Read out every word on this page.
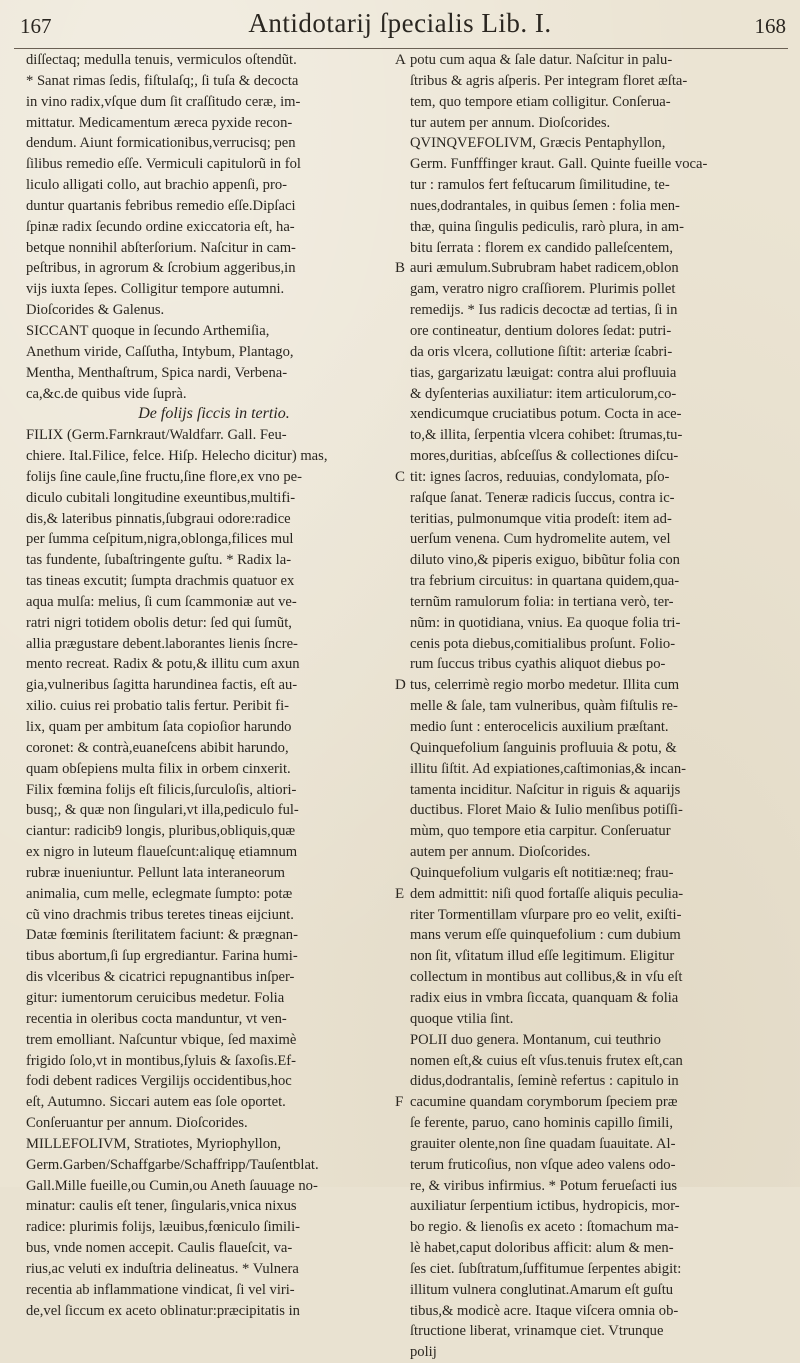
167	Antidotarij ſpecialis Lib. I.	168
diſſectaq; medulla tenuis, vermiculos oſtendũt.
* Sanat rimas ſedis, fiſtulaſq;, ſi tuſa & decocta
in vino radix,vſque dum ſit craſſitudo ceræ, im-
mittatur. Medicamentum æreca pyxide recon-
dendum. Aiunt formicationibus,verrucisq; pen
ſilibus remedio eſſe. Vermiculi capitulorũ in fol
liculo alligati collo, aut brachio appenſi, pro-
duntur quartanis febribus remedio eſſe.Dipſaci
ſpinæ radix ſecundo ordine exiccatoria eſt, ha-
betque nonnihil abſterſorium. Naſcitur in cam-
peſtribus, in agrorum & ſcrobium aggeribus,in
vijs iuxta ſepes. Colligitur tempore autumni.
Dioſcorides & Galenus.
SICCANT quoque in ſecundo Arthemiſia,
Anethum viride, Caſſutha, Intybum, Plantago,
Mentha, Menthaſtrum, Spica nardi, Verbena-
ca,&c.de quibus vide ſuprà.
De folijs ſiccis in tertio.
FILIX (Germ.Farnkraut/Waldfarr. Gall. Feu-
chiere. Ital.Filice, felce. Hiſp. Helecho dicitur) mas,
folijs ſine caule,ſine fructu,ſine flore,ex vno pe-
diculo cubitali longitudine exeuntibus,multifi-
dis,& lateribus pinnatis,ſubgraui odore:radice
per ſumma ceſpitum,nigra,oblonga,filices mul
tas fundente, ſubaſtringente guſtu. * Radix la-
tas tineas excutit; ſumpta drachmis quatuor ex
aqua mulſa: melius, ſi cum ſcammoniæ aut ve-
ratri nigri totidem obolis detur: ſed qui ſumũt,
allia prægustare debent.laborantes lienis ſncre-
mento recreat. Radix & potu,& illitu cum axun
gia,vulneribus ſagitta harundinea factis, eſt au-
xilio. cuius rei probatio talis fertur. Peribit fi-
lix, quam per ambitum ſata copioſior harundo
coronet: & contrà,euaneſcens abibit harundo,
quam obſepiens multa filix in orbem cinxerit.
Filix fœmina folijs eſt filicis,ſurculoſis, altiori-
busq;, & quæ non ſingulari,vt illa,pediculo ful-
ciantur: radicib9 longis, pluribus,obliquis,quæ
ex nigro in luteum flaueſcunt:aliquę etiamnum
rubræ inueniuntur. Pellunt lata interaneorum
animalia, cum melle, eclegmate ſumpto: potæ
cũ vino drachmis tribus teretes tineas eijciunt.
Datæ fœminis ſterilitatem faciunt: & prægnan-
tibus abortum,ſi ſup ergrediantur. Farina humi-
dis vlceribus & cicatrici repugnantibus inſper-
gitur: iumentorum ceruicibus medetur. Folia
recentia in oleribus cocta manduntur, vt ven-
trem emolliant. Naſcuntur vbique, ſed maximè
frigido ſolo,vt in montibus,ſyluis & ſaxoſis.Ef-
fodi debent radices Vergilijs occidentibus,hoc
eſt, Autumno. Siccari autem eas ſole oportet.
Conſeruantur per annum. Dioſcorides.
MILLEFOLIVM, Stratiotes, Myriophyllon,
Germ.Garben/Schaffgarbe/Schaffripp/Tauſentblat.
Gall.Mille fueille,ou Cumin,ou Aneth ſauuage no-
minatur: caulis eſt tener, ſingularis,vnica nixus
radice: plurimis folijs, læuibus,fœniculo ſimili-
bus, vnde nomen accepit. Caulis flaueſcit, va-
rius,ac veluti ex induſtria delineatus. * Vulnera
recentia ab inflammatione vindicat, ſi vel viri-
de,vel ſiccum ex aceto oblinatur:præcipitatis in
potu cum aqua & ſale datur. Naſcitur in palu-
ſtribus & agris aſperis. Per integram floret æſta-
tem, quo tempore etiam colligitur. Conſerua-
tur autem per annum. Dioſcorides.
QVINQVEFOLIVM, Græcis Pentaphyllon,
Germ. Funfffinger kraut. Gall. Quinte fueille voca-
tur : ramulos fert feſtucarum ſimilitudine, te-
nues,dodrantales, in quibus ſemen : folia men-
thæ, quina ſingulis pediculis, rarò plura, in am-
bitu ſerrata : florem ex candido palleſcentem,
auri æmulum.Subrubram habet radicem,oblon
gam, veratro nigro craſſiorem. Plurimis pollet
remedijs. * Ius radicis decoctæ ad tertias, ſi in
ore contineatur, dentium dolores ſedat: putri-
da oris vlcera, collutione ſiſtit: arteriæ ſcabri-
tias, gargarizatu læuigat: contra alui profluuia
& dyſenterias auxiliatur: item articulorum,co-
xendicumque cruciatibus potum. Cocta in ace-
to,& illita, ſerpentia vlcera cohibet: ſtrumas,tu-
mores,duritias, abſceſſus & collectiones diſcu-
tit: ignes ſacros, reduuias, condylomata, pſo-
raſque ſanat. Teneræ radicis ſuccus, contra ic-
teritias, pulmonumque vitia prodeſt: item ad-
uerſum venena. Cum hydromelite autem, vel
diluto vino,& piperis exiguo, bibũtur folia con
tra febrium circuitus: in quartana quidem,qua-
ternũm ramulorum folia: in tertiana verò, ter-
nũm: in quotidiana, vnius. Ea quoque folia tri-
cenis pota diebus,comitialibus proſunt. Folio-
rum ſuccus tribus cyathis aliquot diebus po-
tus, celerrimè regio morbo medetur. Illita cum
melle & ſale, tam vulneribus, quàm fiſtulis re-
medio ſunt : enterocelicis auxilium præſtant.
Quinquefolium ſanguinis profluuia & potu, &
illitu ſiſtit. Ad expiationes,caſtimonias,& incan-
tamenta inciditur. Naſcitur in riguis & aquarijs
ductibus. Floret Maio & Iulio menſibus potiſſi-
mùm, quo tempore etia carpitur. Conſeruatur
autem per annum. Dioſcorides.
Quinquefolium vulgaris eſt notitiæ:neq; frau-
dem admittit: niſi quod fortaſſe aliquis peculia-
riter Tormentillam vſurpare pro eo velit, exiſti-
mans verum eſſe quinquefolium : cum dubium
non ſit, vſitatum illud eſſe legitimum. Eligitur
collectum in montibus aut collibus,& in vſu eſt
radix eius in vmbra ſiccata, quanquam & folia
quoque vtilia ſint.
POLII duo genera. Montanum, cui teuthrio
nomen eſt,& cuius eſt vſus.tenuis frutex eſt,can
didus,dodrantalis, ſeminè refertus : capitulo in
cacumine quandam corymborum ſpeciem præ
ſe ferente, paruo, cano hominis capillo ſimili,
grauiter olente,non ſine quadam ſuauitate. Al-
terum fruticoſius, non vſque adeo valens odo-
re, & viribus infirmius. * Potum ferueſacti ius
auxiliatur ſerpentium ictibus, hydropicis, mor-
bo regio. & lienoſis ex aceto : ſtomachum ma-
lè habet,caput doloribus afficit: alum & men-
ſes ciet. ſubſtratum,ſuffitumue ſerpentes abigit:
illitum vulnera conglutinat.Amarum eſt guſtu
tibus,& modicè acre. Itaque viſcera omnia ob-
ſtructione liberat, vrinamque ciet. Vtrunque
polij
A
B
C
D
E
F
